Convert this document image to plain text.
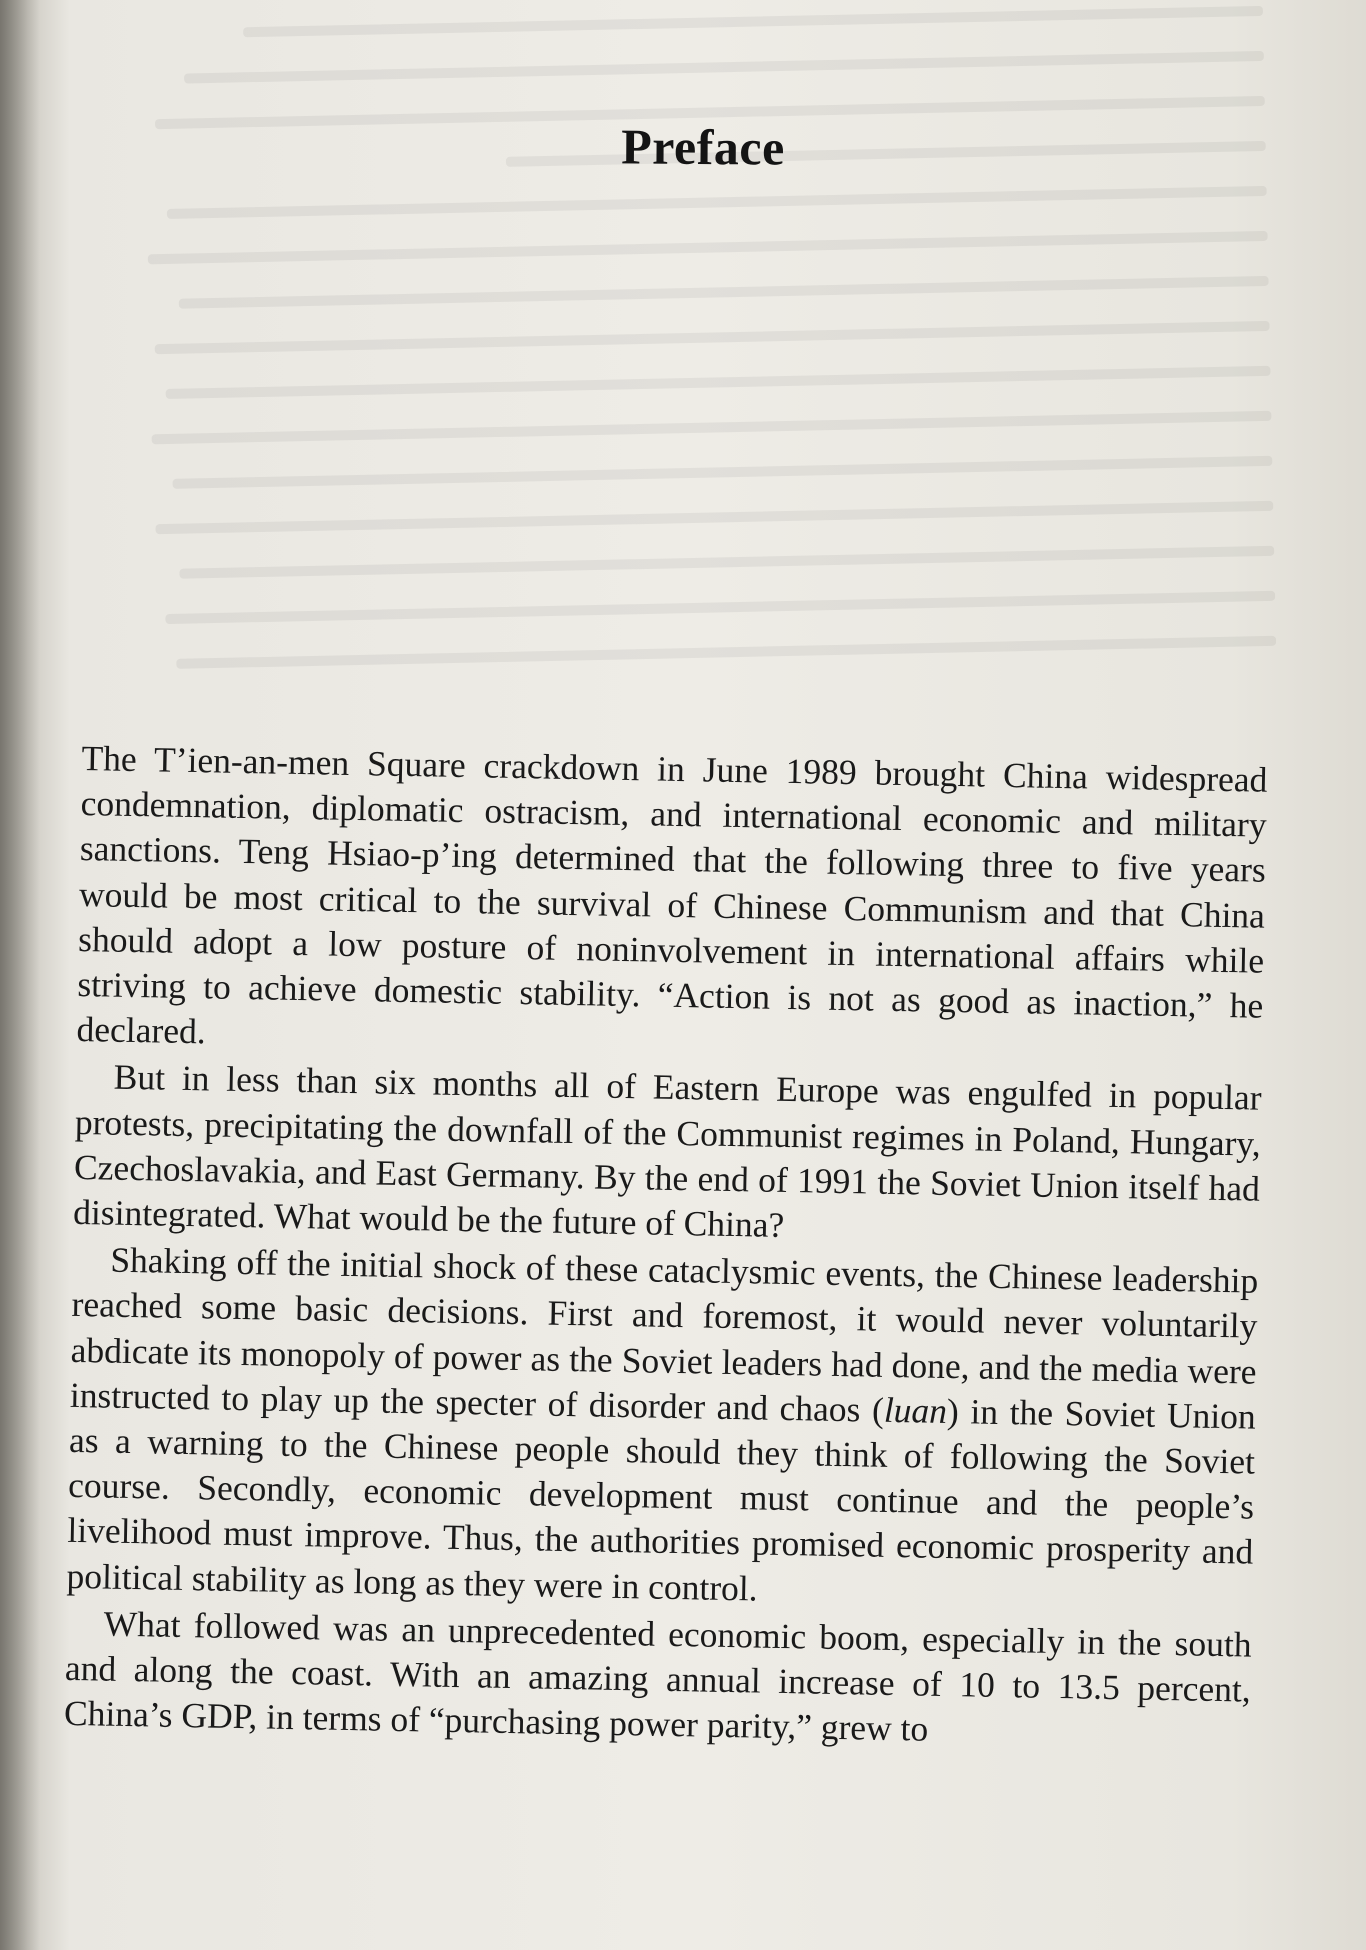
Preface

The T’ien-an-men Square crackdown in June 1989 brought China widespread condemnation, diplomatic ostracism, and international economic and military sanctions. Teng Hsiao-p’ing determined that the following three to five years would be most critical to the survival of Chinese Communism and that China should adopt a low posture of noninvolvement in international affairs while striving to achieve domestic stability. “Action is not as good as inaction,” he declared.

But in less than six months all of Eastern Europe was engulfed in popular protests, precipitating the downfall of the Communist regimes in Poland, Hungary, Czechoslavakia, and East Germany. By the end of 1991 the Soviet Union itself had disintegrated. What would be the future of China?

Shaking off the initial shock of these cataclysmic events, the Chinese leadership reached some basic decisions. First and foremost, it would never voluntarily abdicate its monopoly of power as the Soviet leaders had done, and the media were instructed to play up the specter of disorder and chaos (luan) in the Soviet Union as a warning to the Chinese people should they think of following the Soviet course. Secondly, economic development must continue and the people’s livelihood must improve. Thus, the authorities promised economic prosperity and political stability as long as they were in control.

What followed was an unprecedented economic boom, especially in the south and along the coast. With an amazing annual increase of 10 to 13.5 percent, China’s GDP, in terms of “purchasing power parity,” grew to
